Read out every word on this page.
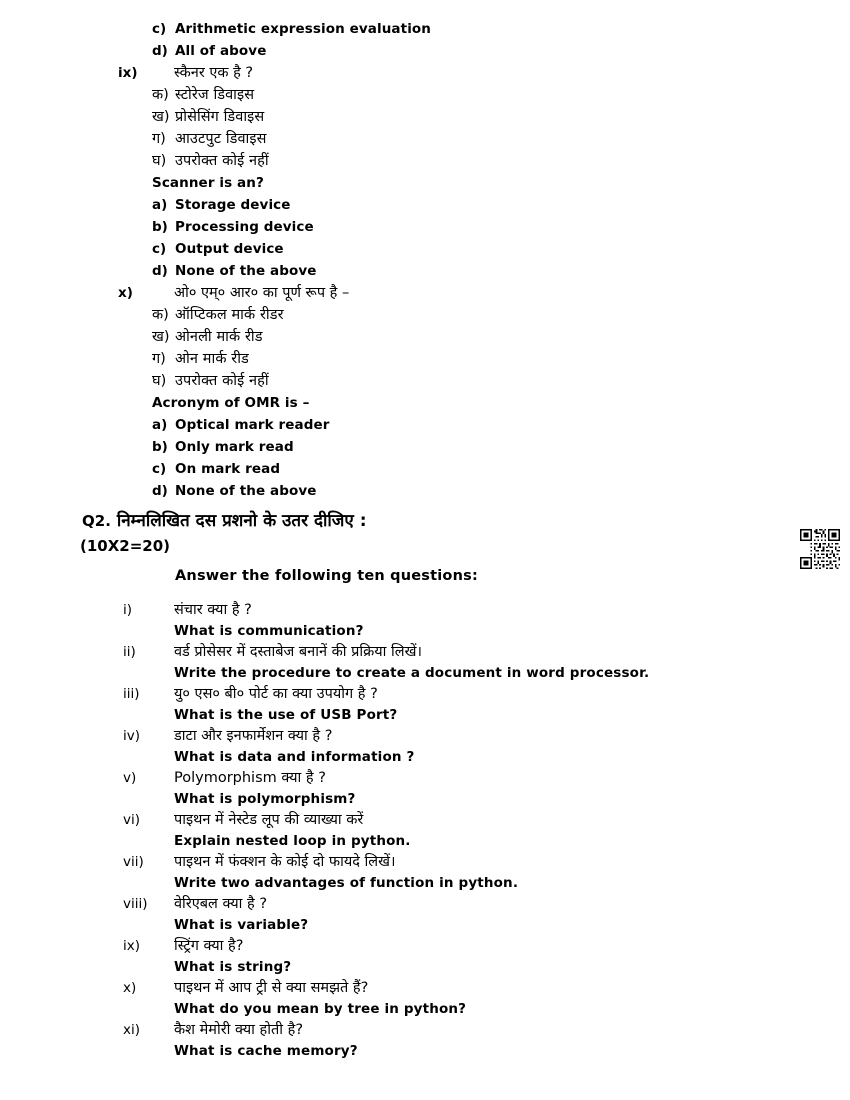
c) Arithmetic expression evaluation
d) All of above
ix)	स्कैनर एक है ?
क) स्टोरेज डिवाइस
ख) प्रोसेसिंग डिवाइस
ग) आउटपुट डिवाइस
घ) उपरोक्त कोई नहीं
Scanner is an?
a) Storage device
b) Processing device
c) Output device
d) None of the above
x)	ओ० एम्० आर० का पूर्ण रूप है –
क) ऑप्टिकल मार्क रीडर
ख) ओनली मार्क रीड
ग) ओन मार्क रीड
घ) उपरोक्त कोई नहीं
Acronym of OMR is –
a) Optical mark reader
b) Only mark read
c) On mark read
d) None of the above
Q2. निम्नलिखित दस प्रशनो के उतर दीजिए :
(10X2=20)
Answer the following ten questions:
i)	संचार क्या है ?
What is communication?
ii)	वर्ड प्रोसेसर में दस्ताबेज बनानें की प्रक्रिया लिखें।
Write the procedure to create a document in word processor.
iii)	यु० एस० बी० पोर्ट का क्या उपयोग है ?
What is the use of USB Port?
iv)	डाटा और इनफार्मेशन क्या है ?
What is data and information ?
v)	Polymorphism क्या है ?
What is polymorphism?
vi)	पाइथन में नेस्टेड लूप की व्याख्या करें
Explain nested loop in python.
vii)	पाइथन में फंक्शन के कोई दो फायदे लिखें।
Write two advantages of function in python.
viii)	वेरिएबल क्या है ?
What is variable?
ix)	स्ट्रिंग क्या है?
What is string?
x)	पाइथन में आप ट्री से क्या समझते हैं?
What do you mean by tree in python?
xi)	कैश मेमोरी क्या होती है?
What is cache memory?
